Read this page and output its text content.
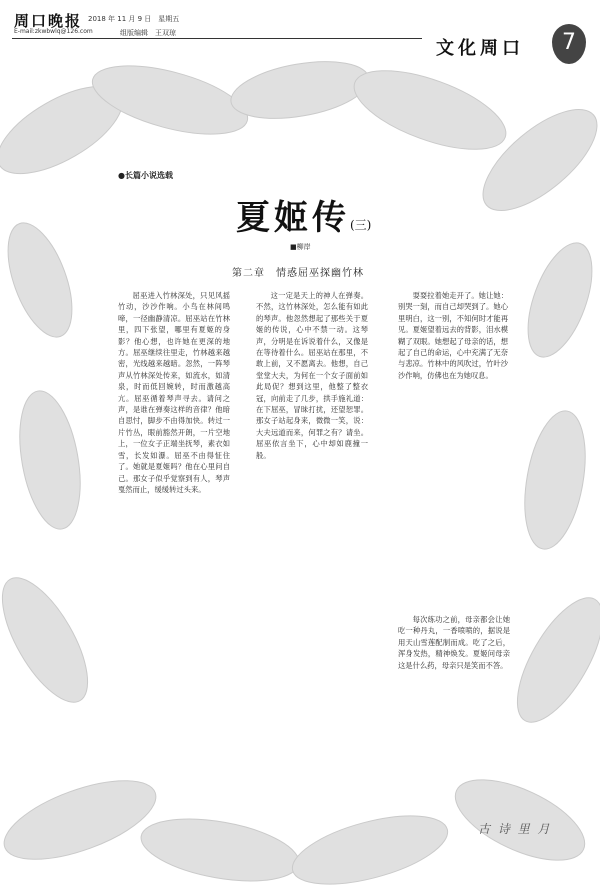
周口晚报 2018 年 11 月 9 日　星期五
E-mail:zkwbwlq@126.com	组版编辑　王双琼
文化周口	7
●长篇小说选载
夏姬传(三)
■柳岸
第二章　情惑屈巫探幽竹林

屈巫进入竹林深处，只见风摇竹动，沙沙作响。小鸟在林间鸣啼，一径幽静清凉。屈巫站在竹林里，四下张望，哪里有夏姬的身影？他心想，也许她在更深的地方。屈巫继续往里走，竹林越来越密，光线越来越暗。忽然，一阵琴声从竹林深处传来，如流水，如清泉，时而低回婉转，时而激越高亢。屈巫循着琴声寻去。请问之声，是谁在弹奏这样的音律？他暗自思忖，脚步不由得加快。转过一片竹丛，眼前豁然开朗，一片空地上，一位女子正端坐抚琴，素衣如雪，长发如瀑。屈巫不由得怔住了。她就是夏姬吗？他在心里问自己。那女子似乎觉察到有人，琴声戛然而止，缓缓转过头来。

这一定是天上的神人在弹奏。不然，这竹林深处，怎么能有如此的琴声。他忽然想起了那些关于夏姬的传说，心中不禁一动。这琴声，分明是在诉说着什么，又像是在等待着什么。屈巫站在那里，不敢上前，又不愿离去。他想，自己堂堂大夫，为何在一个女子面前如此局促？想到这里，他整了整衣冠，向前走了几步，拱手施礼道：在下屈巫，冒昧打扰，还望恕罪。那女子站起身来，微微一笑，说：大夫远道而来，何罪之有？请坐。屈巫依言坐下，心中却如鹿撞一般。

耍耍拉着她走开了。她让她：别哭一刻，而自己却哭到了。她心里明白，这一别，不知何时才能再见。夏姬望着远去的背影，泪水模糊了双眼。她想起了母亲的话，想起了自己的命运，心中充满了无奈与悲凉。竹林中的风吹过，竹叶沙沙作响，仿佛也在为她叹息。

每次练功之前，母亲都会让她吃一种丹丸，一香喷喷的，据说是用天山雪莲配制而成。吃了之后，浑身发热，精神焕发。夏姬问母亲这是什么药，母亲只是笑而不答。

古 诗 里 月
